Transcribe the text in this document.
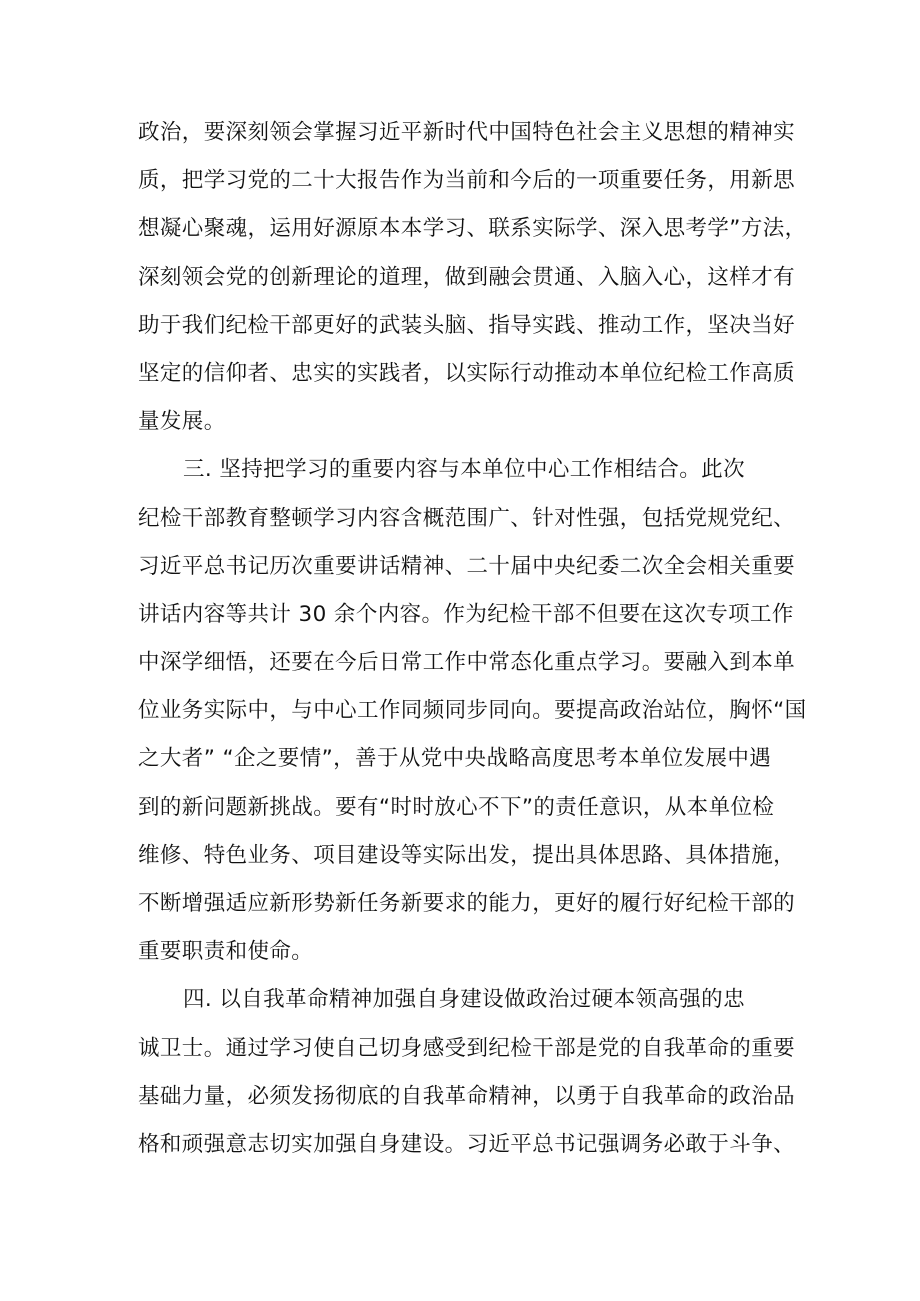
政治，要深刻领会掌握习近平新时代中国特色社会主义思想的精神实
质，把学习党的二十大报告作为当前和今后的一项重要任务，用新思
想凝心聚魂，运用好源原本本学习、联系实际学、深入思考学”方法，
深刻领会党的创新理论的道理，做到融会贯通、入脑入心，这样才有
助于我们纪检干部更好的武装头脑、指导实践、推动工作，坚决当好
坚定的信仰者、忠实的实践者，以实际行动推动本单位纪检工作高质
量发展。
三. 坚持把学习的重要内容与本单位中心工作相结合。此次
纪检干部教育整顿学习内容含概范围广、针对性强，包括党规党纪、
习近平总书记历次重要讲话精神、二十届中央纪委二次全会相关重要
讲话内容等共计 30 余个内容。作为纪检干部不但要在这次专项工作
中深学细悟，还要在今后日常工作中常态化重点学习。要融入到本单
位业务实际中，与中心工作同频同步同向。要提高政治站位，胸怀“国
之大者” “企之要情”，善于从党中央战略高度思考本单位发展中遇
到的新问题新挑战。要有“时时放心不下”的责任意识，从本单位检
维修、特色业务、项目建设等实际出发，提出具体思路、具体措施，
不断增强适应新形势新任务新要求的能力，更好的履行好纪检干部的
重要职责和使命。
四. 以自我革命精神加强自身建设做政治过硬本领高强的忠
诚卫士。通过学习使自己切身感受到纪检干部是党的自我革命的重要
基础力量，必须发扬彻底的自我革命精神，以勇于自我革命的政治品
格和顽强意志切实加强自身建设。习近平总书记强调务必敢于斗争、
